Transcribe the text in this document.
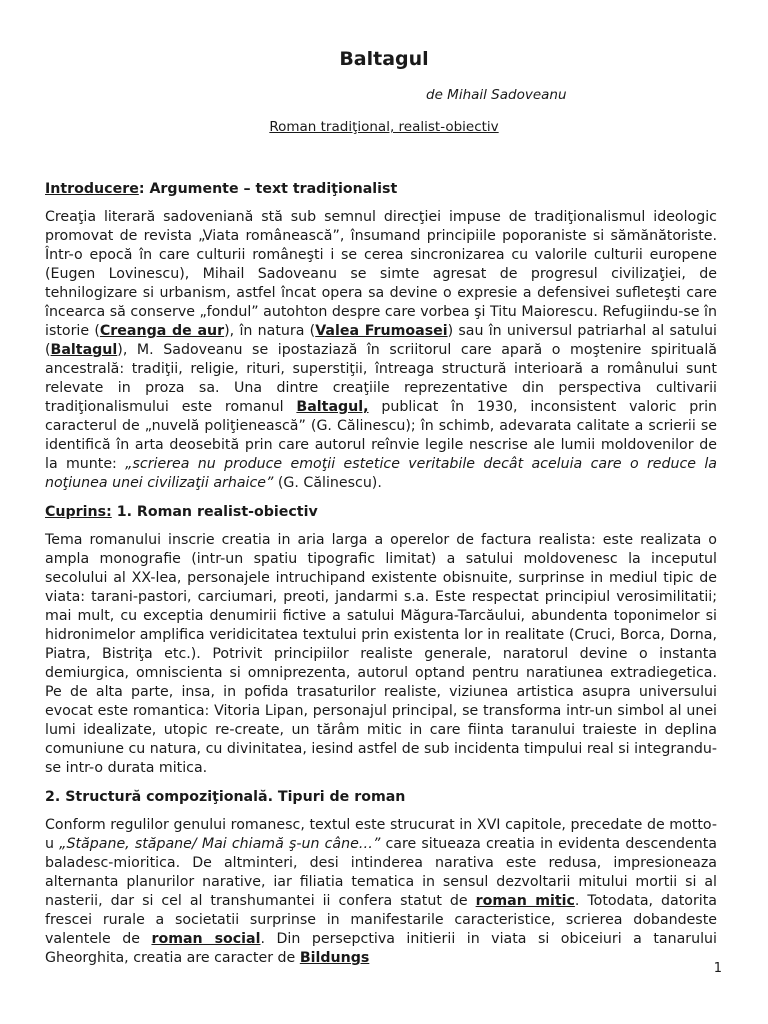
Baltagul
de Mihail Sadoveanu
Roman tradiţional, realist-obiectiv
Introducere: Argumente – text tradiţionalist

Creaţia literară sadoveniană stă sub semnul direcţiei impuse de tradiţionalismul ideologic promovat de revista „Viata românească”, însumand principiile poporaniste si sămănătoriste. Într-o epocă în care culturii româneşti i se cerea sincronizarea cu valorile culturii europene (Eugen Lovinescu), Mihail Sadoveanu se simte agresat de progresul civilizaţiei, de tehnilogizare si urbanism, astfel încat opera sa devine o expresie a defensivei sufleteşti care încearca să conserve „fondul” autohton despre care vorbea şi Titu Maiorescu. Refugiindu-se în istorie (Creanga de aur), în natura (Valea Frumoasei) sau în universul patriarhal al satului (Baltagul), M. Sadoveanu se ipostaziază în scriitorul care apară o moştenire spirituală ancestrală: tradiţii, religie, rituri, superstiţii, întreaga structură interioară a românului sunt relevate in proza sa. Una dintre creaţiile reprezentative din perspectiva cultivarii tradiţionalismului este romanul Baltagul, publicat în 1930, inconsistent valoric prin caracterul de „nuvelă poliţienească” (G. Călinescu); în schimb, adevarata calitate a scrierii se identifică în arta deosebită prin care autorul reînvie legile nescrise ale lumii moldovenilor de la munte: „scrierea nu produce emoţii estetice veritabile decât aceluia care o reduce la noţiunea unei civilizaţii arhaice” (G. Călinescu).

Cuprins: 1. Roman realist-obiectiv

Tema romanului inscrie creatia in aria larga a operelor de factura realista: este realizata o ampla monografie (intr-un spatiu tipografic limitat) a satului moldovenesc la inceputul secolului al XX-lea, personajele intruchipand existente obisnuite, surprinse in mediul tipic de viata: tarani-pastori, carciumari, preoti, jandarmi s.a. Este respectat principiul verosimilitatii; mai mult, cu exceptia denumirii fictive a satului Măgura-Tarcăului, abundenta toponimelor si hidronimelor amplifica veridicitatea textului prin existenta lor in realitate (Cruci, Borca, Dorna, Piatra, Bistriţa etc.). Potrivit principiilor realiste generale, naratorul devine o instanta demiurgica, omniscienta si omniprezenta, autorul optand pentru naratiunea extradiegetica. Pe de alta parte, insa, in pofida trasaturilor realiste, viziunea artistica asupra universului evocat este romantica: Vitoria Lipan, personajul principal, se transforma intr-un simbol al unei lumi idealizate, utopic re-create, un tărâm mitic in care fiinta taranului traieste in deplina comuniune cu natura, cu divinitatea, iesind astfel de sub incidenta timpului real si integrandu-se intr-o durata mitica.

2. Structură compoziţională. Tipuri de roman

Conform regulilor genului romanesc, textul este strucurat in XVI capitole, precedate de motto-u „Stăpane, stăpane/ Mai chiamă ş-un câne…” care situeaza creatia in evidenta descendenta baladesc-mioritica. De altminteri, desi intinderea narativa este redusa, impresioneaza alternanta planurilor narative, iar filiatia tematica in sensul dezvoltarii mitului mortii si al nasterii, dar si cel al transhumantei ii confera statut de roman mitic. Totodata, datorita frescei rurale a societatii surprinse in manifestarile caracteristice, scrierea dobandeste valentele de roman social. Din persepctiva initierii in viata si obiceiuri a tanarului Gheorghita, creatia are caracter de Bildungs

1
